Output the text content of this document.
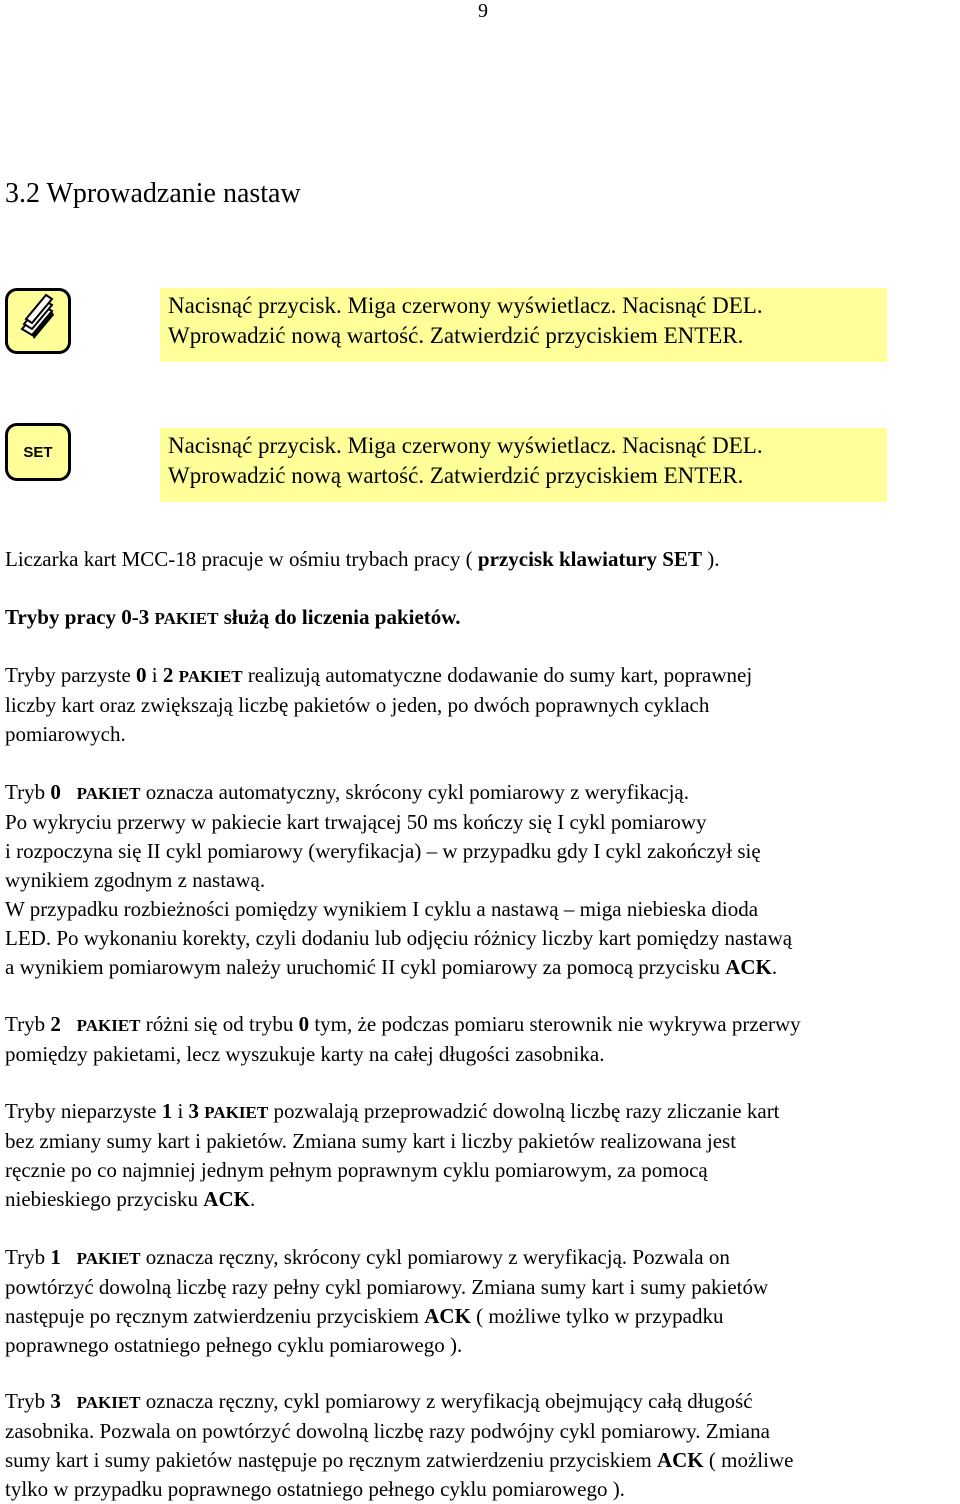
9
3.2 Wprowadzanie nastaw
SET
Nacisnąć przycisk. Miga czerwony wyświetlacz. Nacisnąć DEL.
Wprowadzić nową wartość. Zatwierdzić przyciskiem ENTER.
Nacisnąć przycisk. Miga czerwony wyświetlacz. Nacisnąć DEL.
Wprowadzić nową wartość. Zatwierdzić przyciskiem ENTER.

Liczarka kart MCC-18 pracuje w ośmiu trybach pracy ( przycisk klawiatury SET ).

Tryby pracy 0-3 PAKIET służą do liczenia pakietów.

Tryby parzyste 0 i 2 PAKIET realizują automatyczne dodawanie do sumy kart, poprawnej
liczby kart oraz zwiększają liczbę pakietów o jeden, po dwóch poprawnych cyklach
pomiarowych.

Tryb 0 PAKIET oznacza automatyczny, skrócony cykl pomiarowy z weryfikacją.
Po wykryciu przerwy w pakiecie kart trwającej 50 ms kończy się I cykl pomiarowy
i rozpoczyna się II cykl pomiarowy (weryfikacja) – w przypadku gdy I cykl zakończył się
wynikiem zgodnym z nastawą.
W przypadku rozbieżności pomiędzy wynikiem I cyklu a nastawą – miga niebieska dioda
LED. Po wykonaniu korekty, czyli dodaniu lub odjęciu różnicy liczby kart pomiędzy nastawą
a wynikiem pomiarowym należy uruchomić II cykl pomiarowy za pomocą przycisku ACK.

Tryb 2 PAKIET różni się od trybu 0 tym, że podczas pomiaru sterownik nie wykrywa przerwy
pomiędzy pakietami, lecz wyszukuje karty na całej długości zasobnika.

Tryby nieparzyste 1 i 3 PAKIET pozwalają przeprowadzić dowolną liczbę razy zliczanie kart
bez zmiany sumy kart i pakietów. Zmiana sumy kart i liczby pakietów realizowana jest
ręcznie po co najmniej jednym pełnym poprawnym cyklu pomiarowym, za pomocą
niebieskiego przycisku ACK.

Tryb 1 PAKIET oznacza ręczny, skrócony cykl pomiarowy z weryfikacją. Pozwala on
powtórzyć dowolną liczbę razy pełny cykl pomiarowy. Zmiana sumy kart i sumy pakietów
następuje po ręcznym zatwierdzeniu przyciskiem ACK ( możliwe tylko w przypadku
poprawnego ostatniego pełnego cyklu pomiarowego ).

Tryb 3 PAKIET oznacza ręczny, cykl pomiarowy z weryfikacją obejmujący całą długość
zasobnika. Pozwala on powtórzyć dowolną liczbę razy podwójny cykl pomiarowy. Zmiana
sumy kart i sumy pakietów następuje po ręcznym zatwierdzeniu przyciskiem ACK ( możliwe
tylko w przypadku poprawnego ostatniego pełnego cyklu pomiarowego ).
